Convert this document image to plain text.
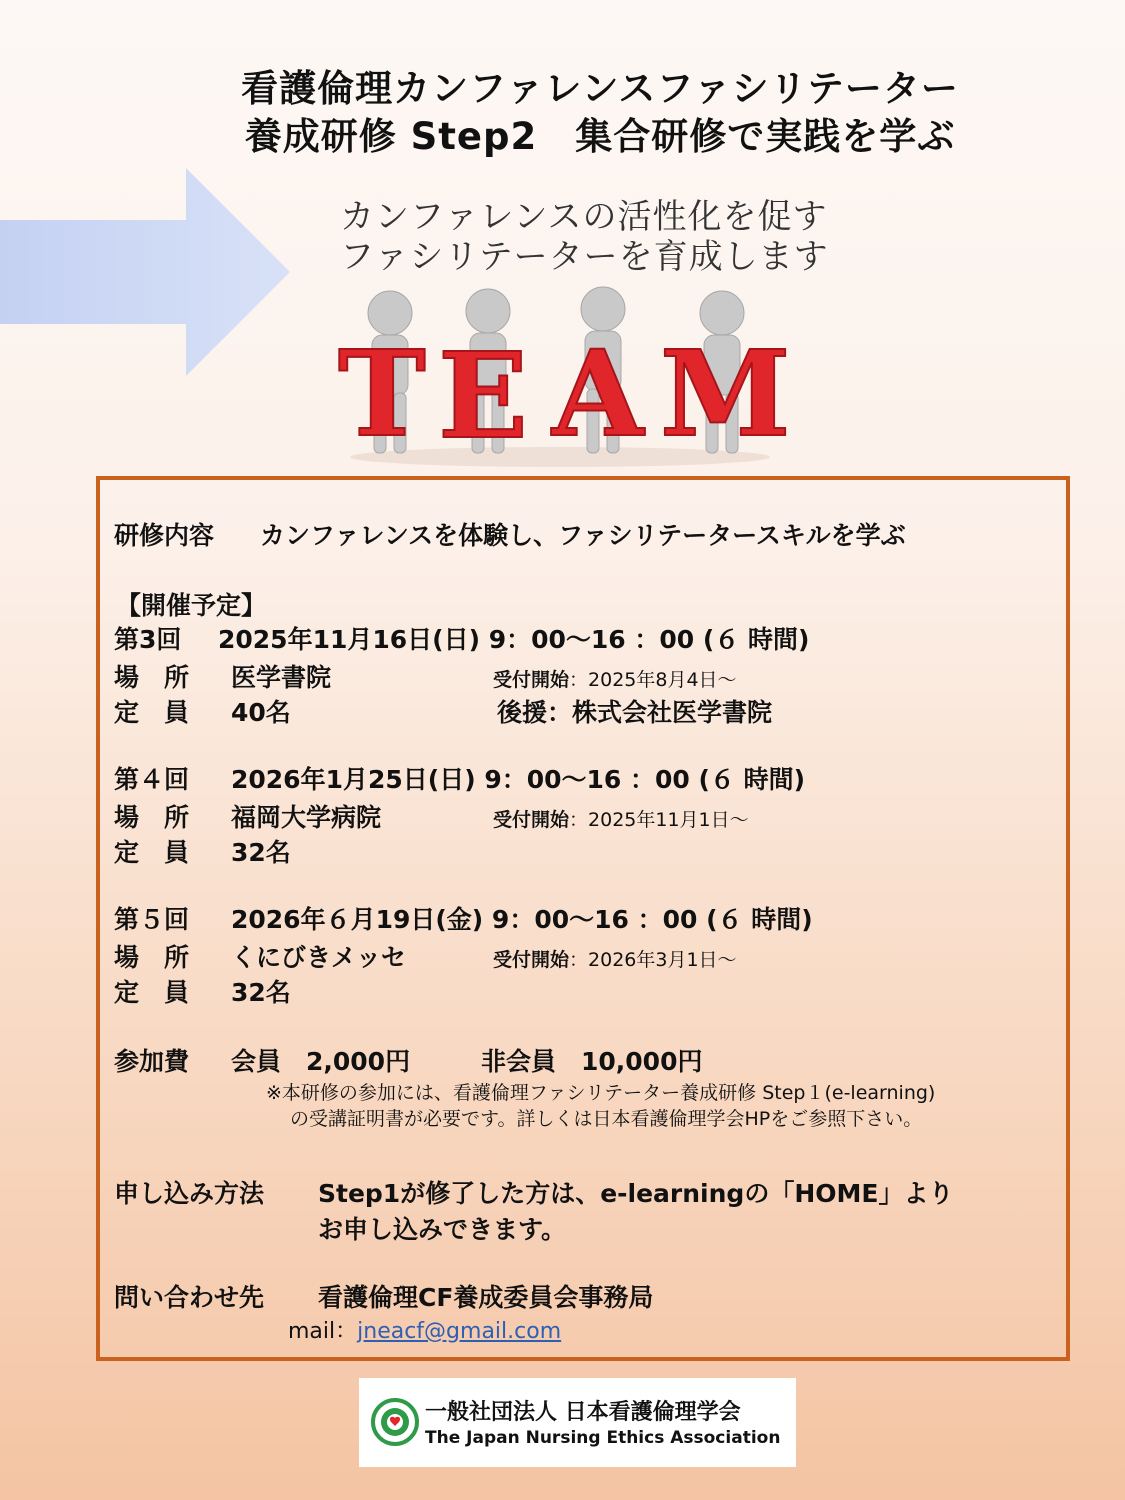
看護倫理カンファレンスファシリテーター
養成研修 Step2　集合研修で実践を学ぶ
カンファレンスの活性化を促す
ファシリテーターを育成します
T E A M
研修内容 カンファレンスを体験し、ファシリテータースキルを学ぶ
【開催予定】
第3回 2025年11月16日(日) 9：00～16 ：00 (６ 時間)
場　所 医学書院	受付開始：2025年8月4日～
定　員 40名	後援：株式会社医学書院
第４回 2026年1月25日(日) 9：00～16 ：00 (６ 時間)
場　所 福岡大学病院	受付開始：2025年11月1日～
定　員 32名
第５回 2026年６月19日(金) 9：00～16 ：00 (６ 時間)
場　所 くにびきメッセ	受付開始：2026年3月1日～
定　員 32名
参加費 会員　2,000円	非会員　10,000円
※本研修の参加には、看護倫理ファシリテーター養成研修 Step１(e-learning)
の受講証明書が必要です。詳しくは日本看護倫理学会HPをご参照下さい。
申し込み方法 Step1が修了した方は、e-learningの「HOME」より
お申し込みできます。
問い合わせ先 看護倫理CF養成委員会事務局
mail：jneacf@gmail.com
一般社団法人 日本看護倫理学会
The Japan Nursing Ethics Association
